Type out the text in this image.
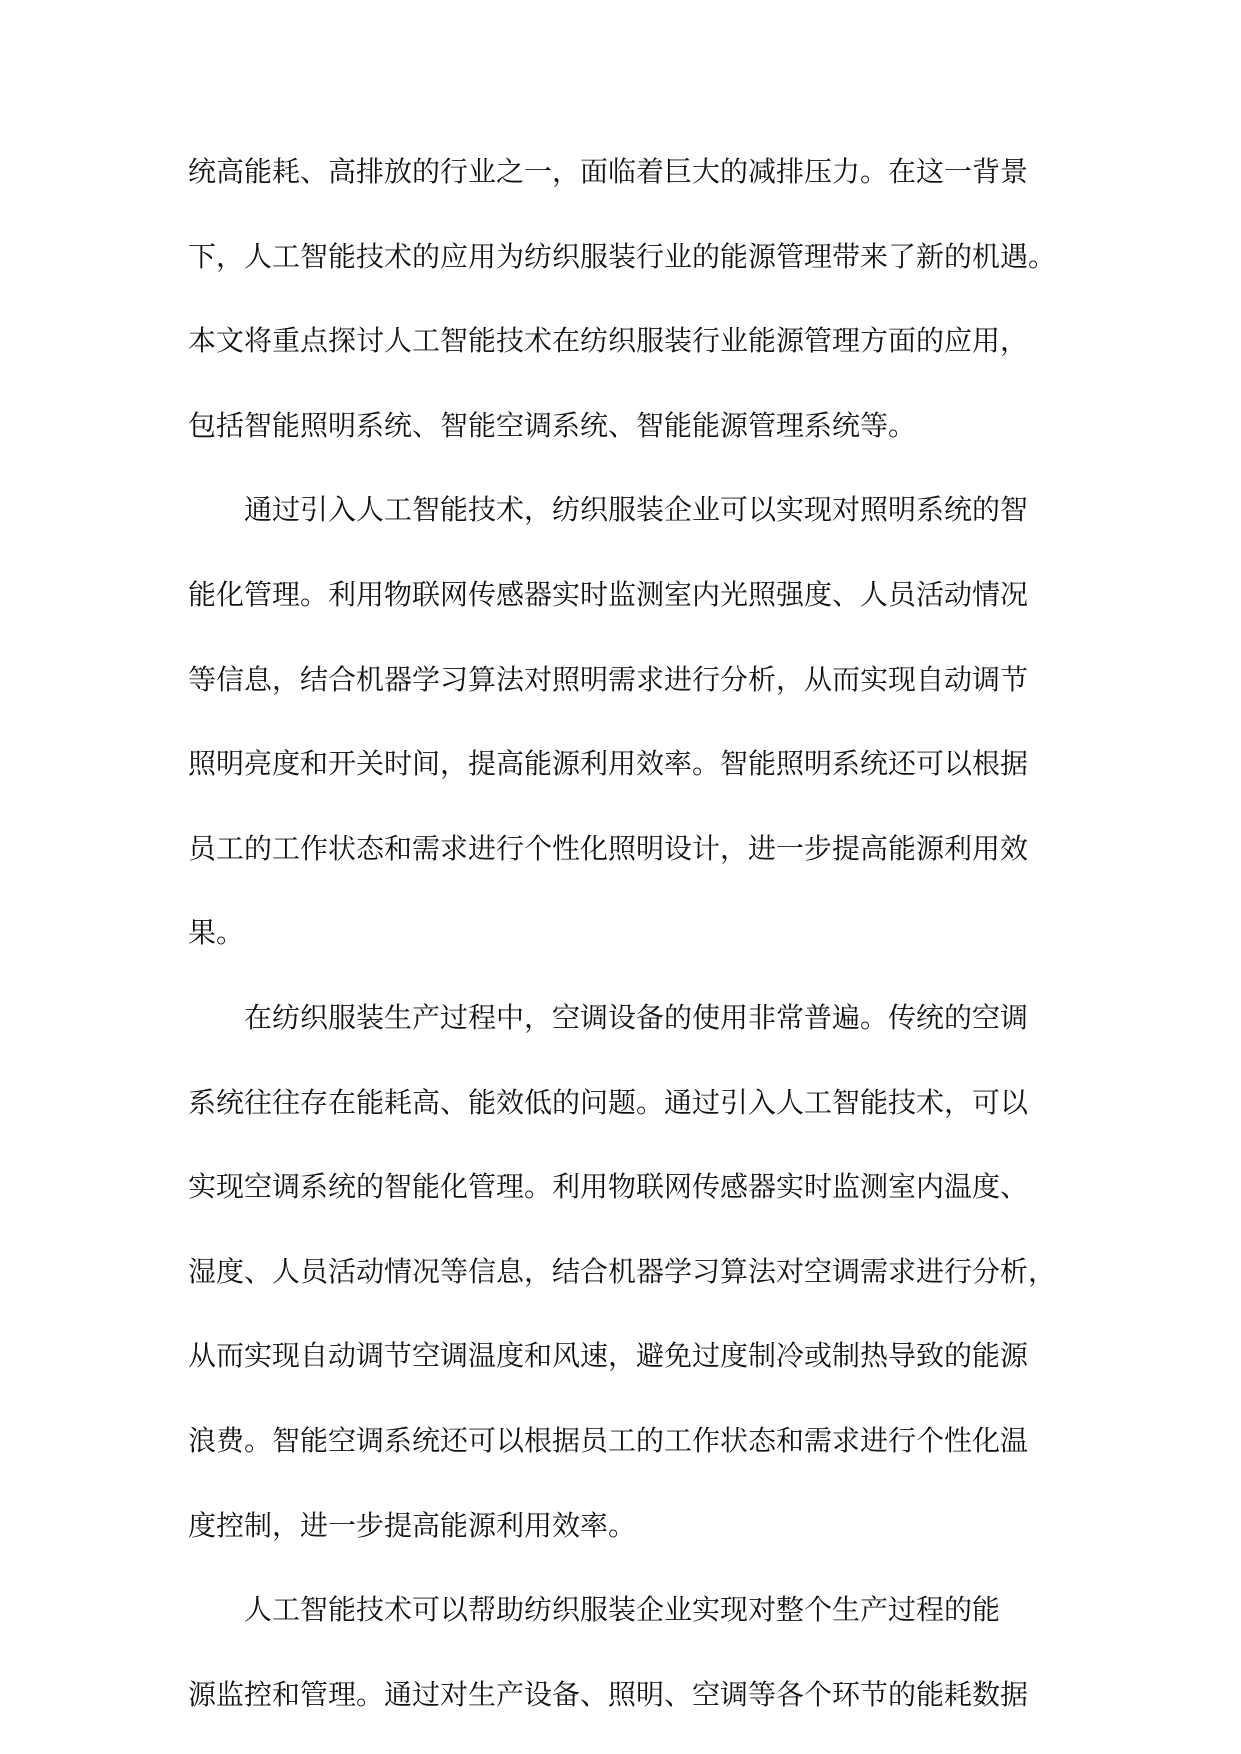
统高能耗、高排放的行业之一，面临着巨大的减排压力。在这一背景
下，人工智能技术的应用为纺织服装行业的能源管理带来了新的机遇。
本文将重点探讨人工智能技术在纺织服装行业能源管理方面的应用，
包括智能照明系统、智能空调系统、智能能源管理系统等。
通过引入人工智能技术，纺织服装企业可以实现对照明系统的智
能化管理。利用物联网传感器实时监测室内光照强度、人员活动情况
等信息，结合机器学习算法对照明需求进行分析，从而实现自动调节
照明亮度和开关时间，提高能源利用效率。智能照明系统还可以根据
员工的工作状态和需求进行个性化照明设计，进一步提高能源利用效
果。
在纺织服装生产过程中，空调设备的使用非常普遍。传统的空调
系统往往存在能耗高、能效低的问题。通过引入人工智能技术，可以
实现空调系统的智能化管理。利用物联网传感器实时监测室内温度、
湿度、人员活动情况等信息，结合机器学习算法对空调需求进行分析，
从而实现自动调节空调温度和风速，避免过度制冷或制热导致的能源
浪费。智能空调系统还可以根据员工的工作状态和需求进行个性化温
度控制，进一步提高能源利用效率。
人工智能技术可以帮助纺织服装企业实现对整个生产过程的能
源监控和管理。通过对生产设备、照明、空调等各个环节的能耗数据
